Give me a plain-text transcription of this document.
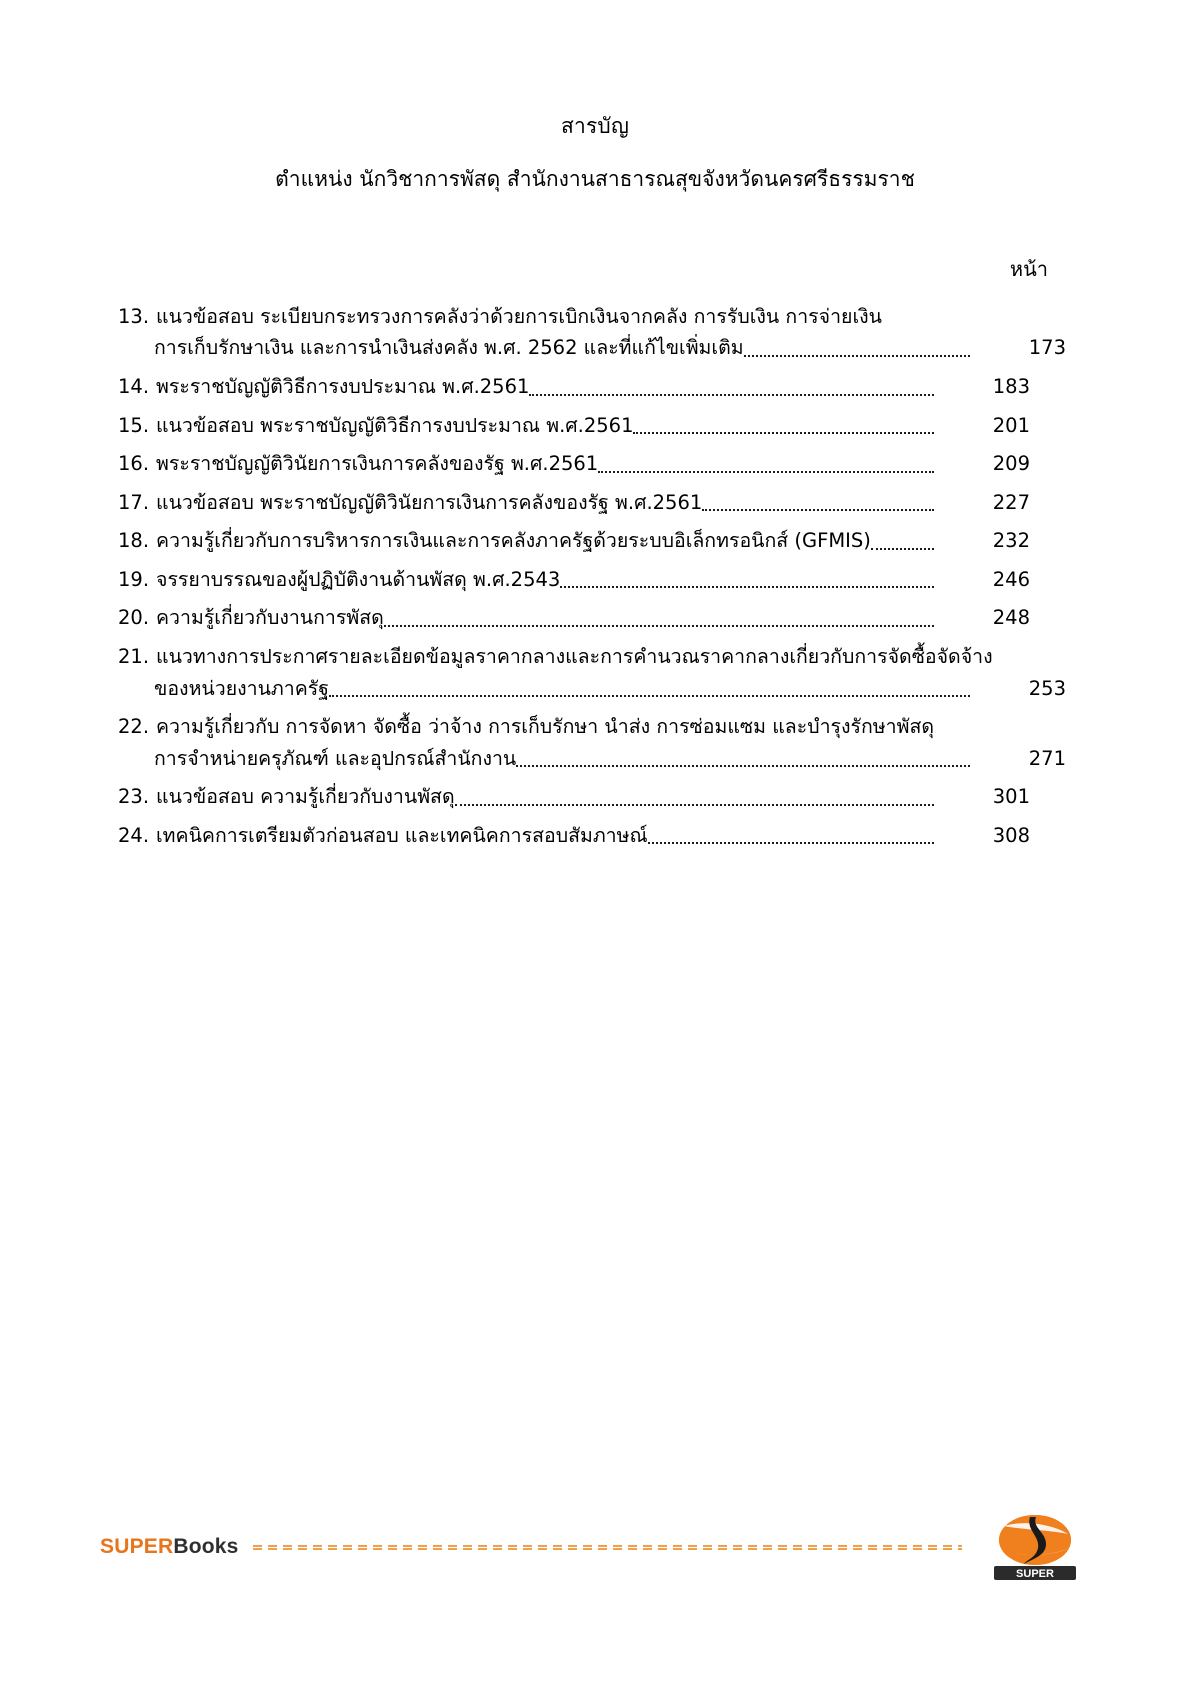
สารบัญ
ตำแหน่ง นักวิชาการพัสดุ สำนักงานสาธารณสุขจังหวัดนครศรีธรรมราช
หน้า
13. แนวข้อสอบ ระเบียบกระทรวงการคลังว่าด้วยการเบิกเงินจากคลัง การรับเงิน การจ่ายเงิน
การเก็บรักษาเงิน และการนำเงินส่งคลัง พ.ศ. 2562 และที่แก้ไขเพิ่มเติม	173
14. พระราชบัญญัติวิธีการงบประมาณ พ.ศ.2561	183
15. แนวข้อสอบ พระราชบัญญัติวิธีการงบประมาณ พ.ศ.2561	201
16. พระราชบัญญัติวินัยการเงินการคลังของรัฐ พ.ศ.2561	209
17. แนวข้อสอบ พระราชบัญญัติวินัยการเงินการคลังของรัฐ พ.ศ.2561	227
18. ความรู้เกี่ยวกับการบริหารการเงินและการคลังภาครัฐด้วยระบบอิเล็กทรอนิกส์ (GFMIS)	232
19. จรรยาบรรณของผู้ปฏิบัติงานด้านพัสดุ พ.ศ.2543	246
20. ความรู้เกี่ยวกับงานการพัสดุ	248
21. แนวทางการประกาศรายละเอียดข้อมูลราคากลางและการคำนวณราคากลางเกี่ยวกับการจัดซื้อจัดจ้าง
ของหน่วยงานภาครัฐ	253
22. ความรู้เกี่ยวกับ การจัดหา จัดซื้อ ว่าจ้าง การเก็บรักษา นำส่ง การซ่อมแซม และบำรุงรักษาพัสดุ
การจำหน่ายครุภัณฑ์ และอุปกรณ์สำนักงาน	271
23. แนวข้อสอบ ความรู้เกี่ยวกับงานพัสดุ	301
24. เทคนิคการเตรียมตัวก่อนสอบ และเทคนิคการสอบสัมภาษณ์	308
SUPERBooks
SUPER
